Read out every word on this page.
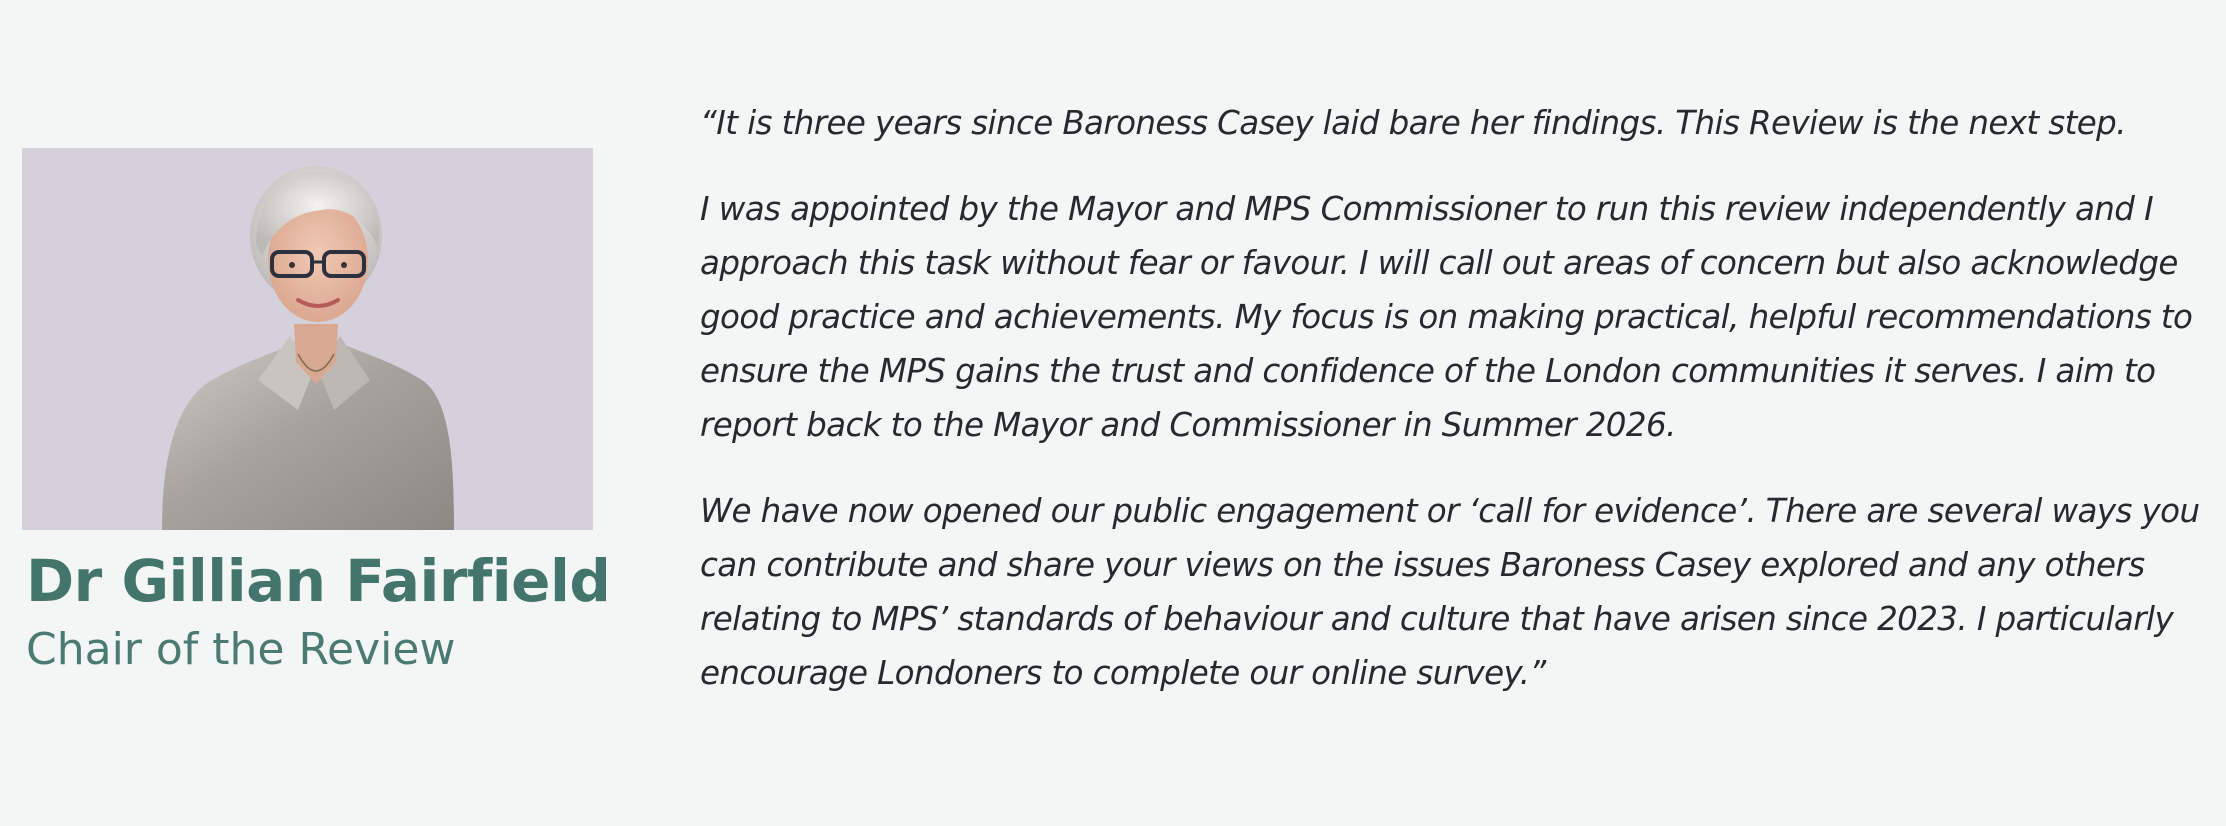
Dr Gillian Fairfield
Chair of the Review

“It is three years since Baroness Casey laid bare her findings. This Review is the next step.

I was appointed by the Mayor and MPS Commissioner to run this review independently and I approach this task without fear or favour. I will call out areas of concern but also acknowledge good practice and achievements. My focus is on making practical, helpful recommendations to ensure the MPS gains the trust and confidence of the London communities it serves. I aim to report back to the Mayor and Commissioner in Summer 2026.

We have now opened our public engagement or ‘call for evidence’. There are several ways you can contribute and share your views on the issues Baroness Casey explored and any others relating to MPS’ standards of behaviour and culture that have arisen since 2023. I particularly encourage Londoners to complete our online survey.”
